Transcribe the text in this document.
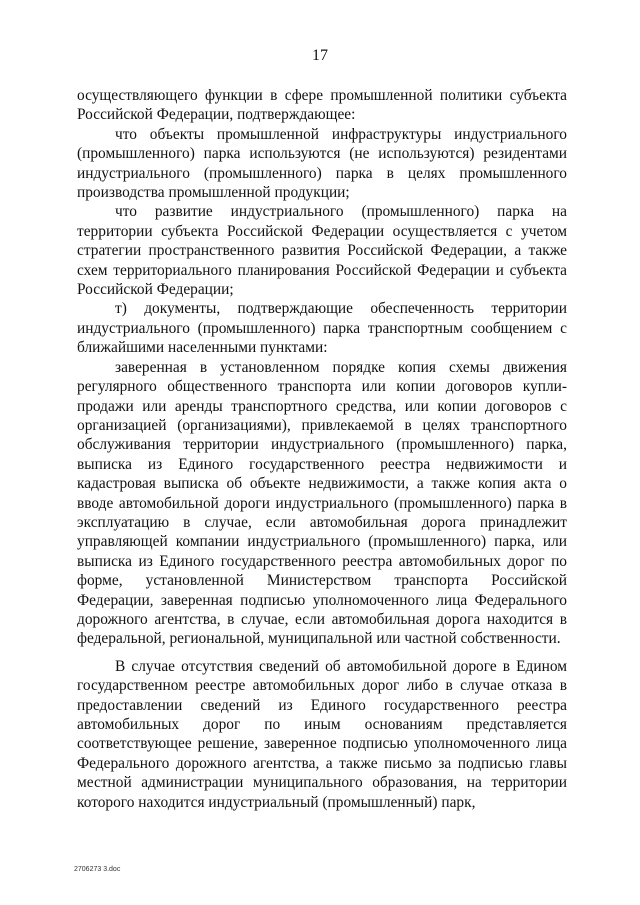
17

осуществляющего функции в сфере промышленной политики субъекта Российской Федерации, подтверждающее:

что объекты промышленной инфраструктуры индустриального (промышленного) парка используются (не используются) резидентами индустриального (промышленного) парка в целях промышленного производства промышленной продукции;

что развитие индустриального (промышленного) парка на территории субъекта Российской Федерации осуществляется с учетом стратегии пространственного развития Российской Федерации, а также схем территориального планирования Российской Федерации и субъекта Российской Федерации;

т) документы, подтверждающие обеспеченность территории индустриального (промышленного) парка транспортным сообщением с ближайшими населенными пунктами:

заверенная в установленном порядке копия схемы движения регулярного общественного транспорта или копии договоров купли-продажи или аренды транспортного средства, или копии договоров с организацией (организациями), привлекаемой в целях транспортного обслуживания территории индустриального (промышленного) парка, выписка из Единого государственного реестра недвижимости и кадастровая выписка об объекте недвижимости, а также копия акта о вводе автомобильной дороги индустриального (промышленного) парка в эксплуатацию в случае, если автомобильная дорога принадлежит управляющей компании индустриального (промышленного) парка, или выписка из Единого государственного реестра автомобильных дорог по форме, установленной Министерством транспорта Российской Федерации, заверенная подписью уполномоченного лица Федерального дорожного агентства, в случае, если автомобильная дорога находится в федеральной, региональной, муниципальной или частной собственности.

В случае отсутствия сведений об автомобильной дороге в Едином государственном реестре автомобильных дорог либо в случае отказа в предоставлении сведений из Единого государственного реестра автомобильных дорог по иным основаниям представляется соответствующее решение, заверенное подписью уполномоченного лица Федерального дорожного агентства, а также письмо за подписью главы местной администрации муниципального образования, на территории которого находится индустриальный (промышленный) парк,

2706273 3.doc
